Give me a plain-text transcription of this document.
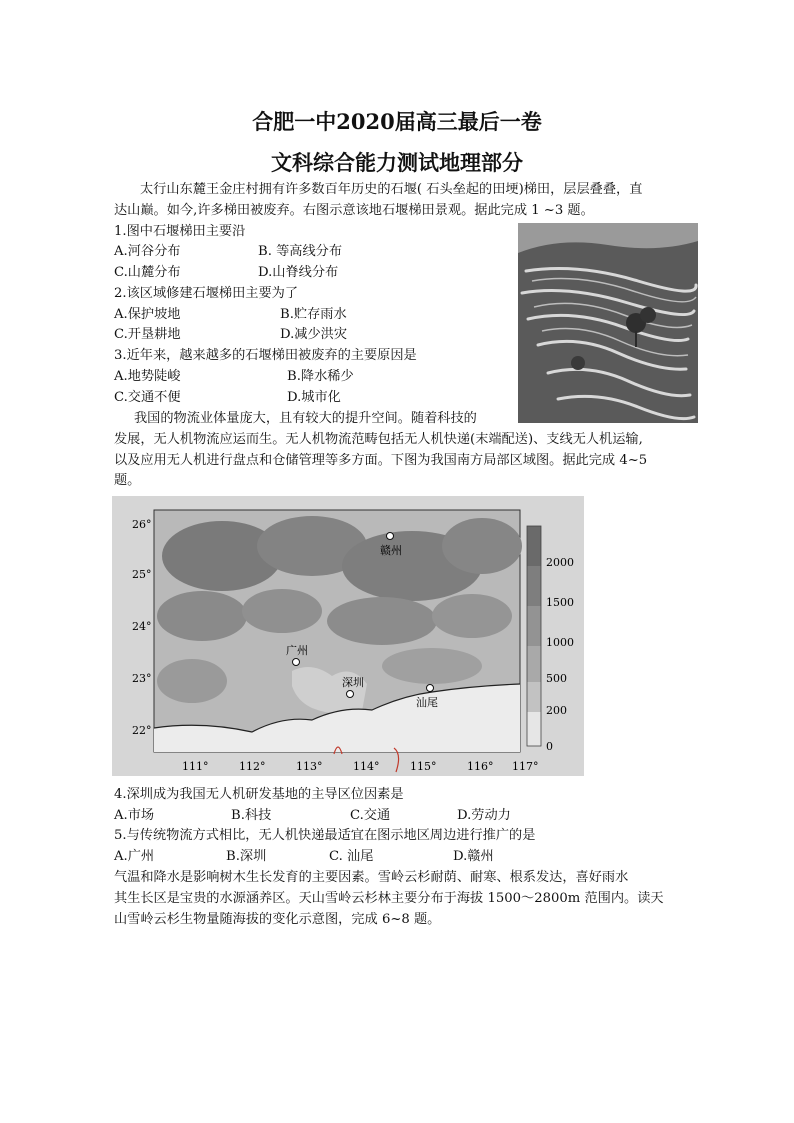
合肥一中2020届高三最后一卷
文科综合能力测试地理部分
太行山东麓王金庄村拥有许多数百年历史的石堰( 石头垒起的田埂)梯田，层层叠叠，直
达山巅。如今,许多梯田被废弃。右图示意该地石堰梯田景观。据此完成 1 ~3 题。
1.图中石堰梯田主要沿
A.河谷分布	B. 等高线分布
C.山麓分布	D.山脊线分布
2.该区域修建石堰梯田主要为了
A.保护坡地	B.贮存雨水
C.开垦耕地	D.减少洪灾
3.近年来，越来越多的石堰梯田被废弃的主要原因是
A.地势陡峻	B.降水稀少
C.交通不便	D.城市化
我国的物流业体量庞大，且有较大的提升空间。随着科技的
发展，无人机物流应运而生。无人机物流范畴包括无人机快递(末端配送)、支线无人机运输,
以及应用无人机进行盘点和仓储管理等多方面。下图为我国南方局部区域图。据此完成 4~5
题。
赣州
广州
深圳
汕尾
26°
25°
24°
23°
22°
111°	112°	113°	114°	115°	116° 117°
2000
1500
1000
500
200
0
4.深圳成为我国无人机研发基地的主导区位因素是
A.市场	B.科技	C.交通	D.劳动力
5.与传统物流方式相比，无人机快递最适宜在图示地区周边进行推广的是
A.广州	B.深圳	C. 汕尾	D.赣州
气温和降水是影响树木生长发育的主要因素。雪岭云杉耐荫、耐寒、根系发达，喜好雨水
其生长区是宝贵的水源涵养区。天山雪岭云杉林主要分布于海拔 1500～2800m 范围内。读天
山雪岭云杉生物量随海拔的变化示意图，完成 6~8 题。
